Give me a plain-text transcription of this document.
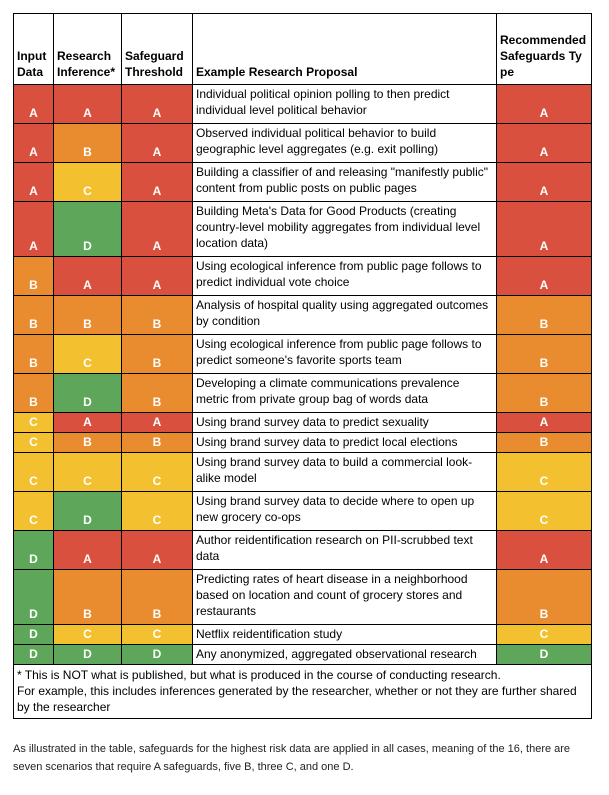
Input Data	Research Inference*	Safeguard Threshold	Example Research Proposal	Recommended Safeguards Type
A	A	A	Individual political opinion polling to then predict individual level political behavior	A
A	B	A	Observed individual political behavior to build geographic level aggregates (e.g. exit polling)	A
A	C	A	Building a classifier of and releasing "manifestly public" content from public posts on public pages	A
A	D	A	Building Meta's Data for Good Products (creating country-level mobility aggregates from individual level location data)	A
B	A	A	Using ecological inference from public page follows to predict individual vote choice	A
B	B	B	Analysis of hospital quality using aggregated outcomes by condition	B
B	C	B	Using ecological inference from public page follows to predict someone's favorite sports team	B
B	D	B	Developing a climate communications prevalence metric from private group bag of words data	B
C	A	A	Using brand survey data to predict sexuality	A
C	B	B	Using brand survey data to predict local elections	B
C	C	C	Using brand survey data to build a commercial look-alike model	C
C	D	C	Using brand survey data to decide where to open up new grocery co-ops	C
D	A	A	Author reidentification research on PII-scrubbed text data	A
D	B	B	Predicting rates of heart disease in a neighborhood based on location and count of grocery stores and restaurants	B
D	C	C	Netflix reidentification study	C
D	D	D	Any anonymized, aggregated observational research	D

* This is NOT what is published, but what is produced in the course of conducting research.
For example, this includes inferences generated by the researcher, whether or not they are further shared by the researcher				
As illustrated in the table, safeguards for the highest risk data are applied in all cases, meaning of the 16, there are seven scenarios that require A safeguards, five B, three C, and one D.
